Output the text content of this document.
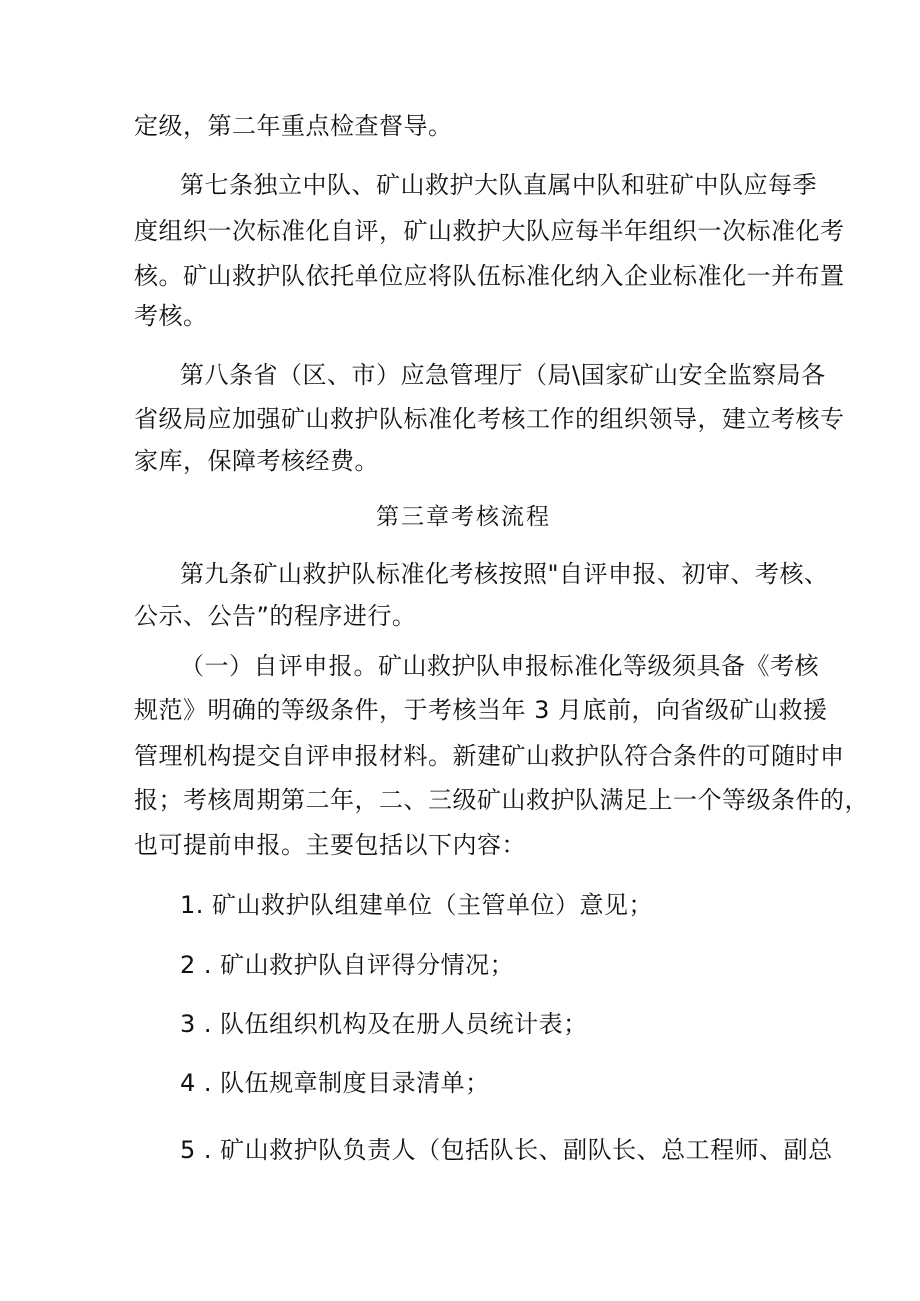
定级，第二年重点检查督导。
第七条独立中队、矿山救护大队直属中队和驻矿中队应每季
度组织一次标准化自评，矿山救护大队应每半年组织一次标准化考
核。矿山救护队依托单位应将队伍标准化纳入企业标准化一并布置
考核。
第八条省（区、市）应急管理厅（局\国家矿山安全监察局各
省级局应加强矿山救护队标准化考核工作的组织领导，建立考核专
家库，保障考核经费。
第三章考核流程
第九条矿山救护队标准化考核按照"自评申报、初审、考核、
公示、公告”的程序进行。
（一）自评申报。矿山救护队申报标准化等级须具备《考核
规范》明确的等级条件，于考核当年 3 月底前，向省级矿山救援
管理机构提交自评申报材料。新建矿山救护队符合条件的可随时申
报；考核周期第二年，二、三级矿山救护队满足上一个等级条件的，
也可提前申报。主要包括以下内容：
1. 矿山救护队组建单位（主管单位）意见；
2 . 矿山救护队自评得分情况；
3 . 队伍组织机构及在册人员统计表；
4 . 队伍规章制度目录清单；
5 . 矿山救护队负责人（包括队长、副队长、总工程师、副总
